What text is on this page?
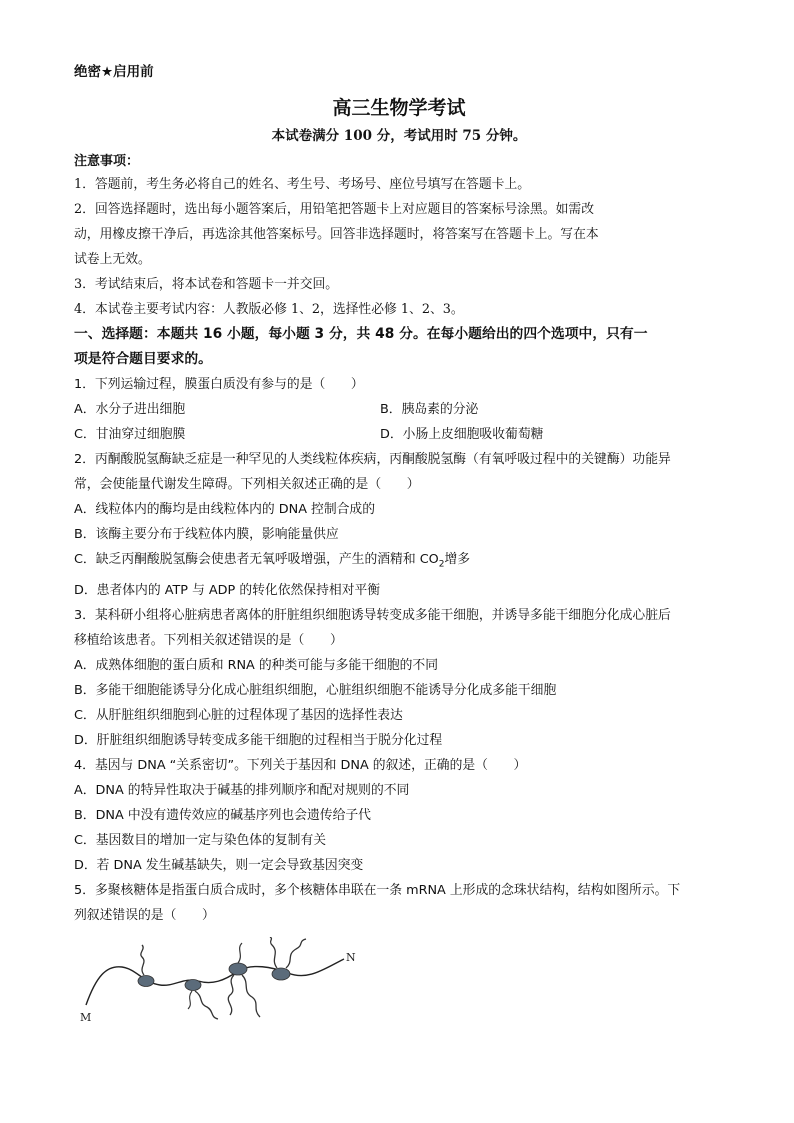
绝密★启用前
高三生物学考试
本试卷满分 100 分，考试用时 75 分钟。
注意事项：
1．答题前，考生务必将自己的姓名、考生号、考场号、座位号填写在答题卡上。
2．回答选择题时，选出每小题答案后，用铅笔把答题卡上对应题目的答案标号涂黑。如需改
动，用橡皮擦干净后，再选涂其他答案标号。回答非选择题时，将答案写在答题卡上。写在本
试卷上无效。
3．考试结束后，将本试卷和答题卡一并交回。
4．本试卷主要考试内容：人教版必修 1、2，选择性必修 1、2、3。
一、选择题：本题共 16 小题，每小题 3 分，共 48 分。在每小题给出的四个选项中，只有一
项是符合题目要求的。
1．下列运输过程，膜蛋白质没有参与的是（　　）
A．水分子进出细胞	B．胰岛素的分泌
C．甘油穿过细胞膜	D．小肠上皮细胞吸收葡萄糖
2．丙酮酸脱氢酶缺乏症是一种罕见的人类线粒体疾病，丙酮酸脱氢酶（有氧呼吸过程中的关键酶）功能异
常，会使能量代谢发生障碍。下列相关叙述正确的是（　　）
A．线粒体内的酶均是由线粒体内的 DNA 控制合成的
B．该酶主要分布于线粒体内膜，影响能量供应
C．缺乏丙酮酸脱氢酶会使患者无氧呼吸增强，产生的酒精和 $CO_2$增多
D．患者体内的 ATP 与 ADP 的转化依然保持相对平衡
3．某科研小组将心脏病患者离体的肝脏组织细胞诱导转变成多能干细胞，并诱导多能干细胞分化成心脏后
移植给该患者。下列相关叙述错误的是（　　）
A．成熟体细胞的蛋白质和 RNA 的种类可能与多能干细胞的不同
B．多能干细胞能诱导分化成心脏组织细胞，心脏组织细胞不能诱导分化成多能干细胞
C．从肝脏组织细胞到心脏的过程体现了基因的选择性表达
D．肝脏组织细胞诱导转变成多能干细胞的过程相当于脱分化过程
4．基因与 DNA “关系密切”。下列关于基因和 DNA 的叙述，正确的是（　　）
A．DNA 的特异性取决于碱基的排列顺序和配对规则的不同
B．DNA 中没有遗传效应的碱基序列也会遗传给子代
C．基因数目的增加一定与染色体的复制有关
D．若 DNA 发生碱基缺失，则一定会导致基因突变
5．多聚核糖体是指蛋白质合成时，多个核糖体串联在一条 mRNA 上形成的念珠状结构，结构如图所示。下
列叙述错误的是（　　）
N
M
